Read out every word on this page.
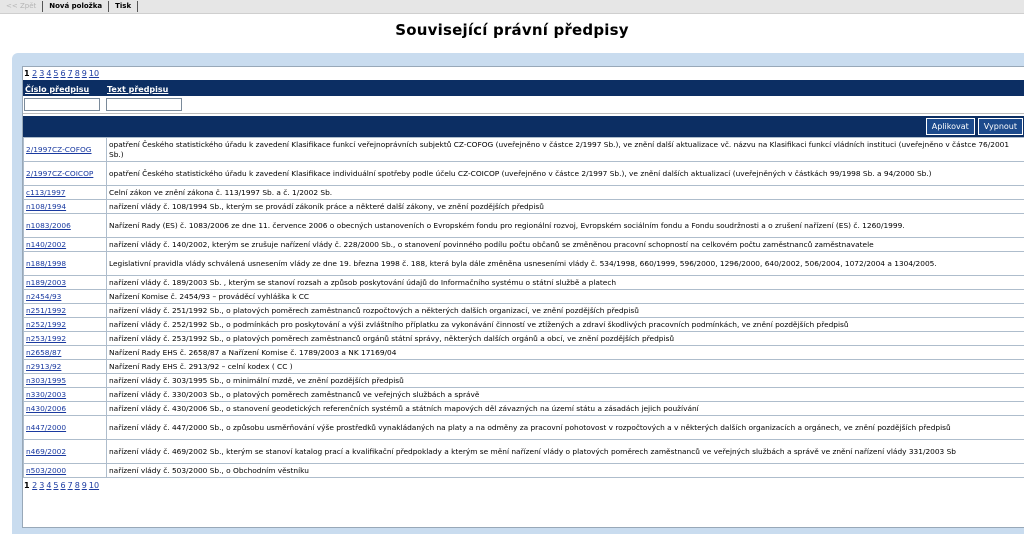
<< Zpět	Nová položka	Tisk
Související právní předpisy
1 2 3 4 5 6 7 8 9 10
Číslo předpisu	Text předpisu
Aplikovat	Vypnout
2/1997CZ-COFOG	opatření Českého statistického úřadu k zavedení Klasifikace funkcí veřejnoprávních subjektů CZ-COFOG (uveřejněno v částce 2/1997 Sb.), ve znění další aktualizace vč. názvu na Klasifikaci funkcí vládních instituci (uveřejněno v částce 76/2001 Sb.)
2/1997CZ-COICOP	opatření Českého statistického úřadu k zavedení Klasifikace individuální spotřeby podle účelu CZ-COICOP (uveřejněno v částce 2/1997 Sb.), ve znění dalších aktualizací (uveřejněných v částkách 99/1998 Sb. a 94/2000 Sb.)
c113/1997	Celní zákon ve znění zákona č. 113/1997 Sb. a č. 1/2002 Sb.
n108/1994	nařízení vlády č. 108/1994 Sb., kterým se provádí zákoník práce a některé další zákony, ve znění pozdějších předpisů
n1083/2006	Nařízení Rady (ES) č. 1083/2006 ze dne 11. července 2006 o obecných ustanoveních o Evropském fondu pro regionální rozvoj, Evropském sociálním fondu a Fondu soudržnosti a o zrušení nařízení (ES) č. 1260/1999.
n140/2002	nařízení vlády č. 140/2002, kterým se zrušuje nařízení vlády č. 228/2000 Sb., o stanovení povinného podílu počtu občanů se změněnou pracovní schopností na celkovém počtu zaměstnanců zaměstnavatele
n188/1998	Legislativní pravidla vlády schválená usnesením vlády ze dne 19. března 1998 č. 188, která byla dále změněna usneseními vlády č. 534/1998, 660/1999, 596/2000, 1296/2000, 640/2002, 506/2004, 1072/2004 a 1304/2005.
n189/2003	nařízení vlády č. 189/2003 Sb. , kterým se stanoví rozsah a způsob poskytování údajů do Informačního systému o státní službě a platech
n2454/93	Nařízení Komise č. 2454/93 – prováděcí vyhláška k CC
n251/1992	nařízení vlády č. 251/1992 Sb., o platových poměrech zaměstnanců rozpočtových a některých dalších organizací, ve znění pozdějších předpisů
n252/1992	nařízení vlády č. 252/1992 Sb., o podmínkách pro poskytování a výši zvláštního příplatku za vykonávání činností ve ztížených a zdraví škodlivých pracovních podmínkách, ve znění pozdějších předpisů
n253/1992	nařízení vlády č. 253/1992 Sb., o platových poměrech zaměstnanců orgánů státní správy, některých dalších orgánů a obcí, ve znění pozdějších předpisů
n2658/87	Nařízení Rady EHS č. 2658/87 a Nařízení Komise č. 1789/2003 a NK 17169/04
n2913/92	Nařízení Rady EHS č. 2913/92 – celní kodex ( CC )
n303/1995	nařízení vlády č. 303/1995 Sb., o minimální mzdě, ve znění pozdějších předpisů
n330/2003	nařízení vlády č. 330/2003 Sb., o platových poměrech zaměstnanců ve veřejných službách a správě
n430/2006	nařízení vlády č. 430/2006 Sb., o stanovení geodetických referenčních systémů a státních mapových děl závazných na území státu a zásadách jejich používání
n447/2000	nařízení vlády č. 447/2000 Sb., o způsobu usměrňování výše prostředků vynakládaných na platy a na odměny za pracovní pohotovost v rozpočtových a v některých dalších organizacích a orgánech, ve znění pozdějších předpisů
n469/2002	nařízení vlády č. 469/2002 Sb., kterým se stanoví katalog prací a kvalifikační předpoklady a kterým se mění nařízení vlády o platových poměrech zaměstnanců ve veřejných službách a správě ve znění nařízení vlády 331/2003 Sb
n503/2000	nařízení vlády č. 503/2000 Sb., o Obchodním věstníku
1 2 3 4 5 6 7 8 9 10
